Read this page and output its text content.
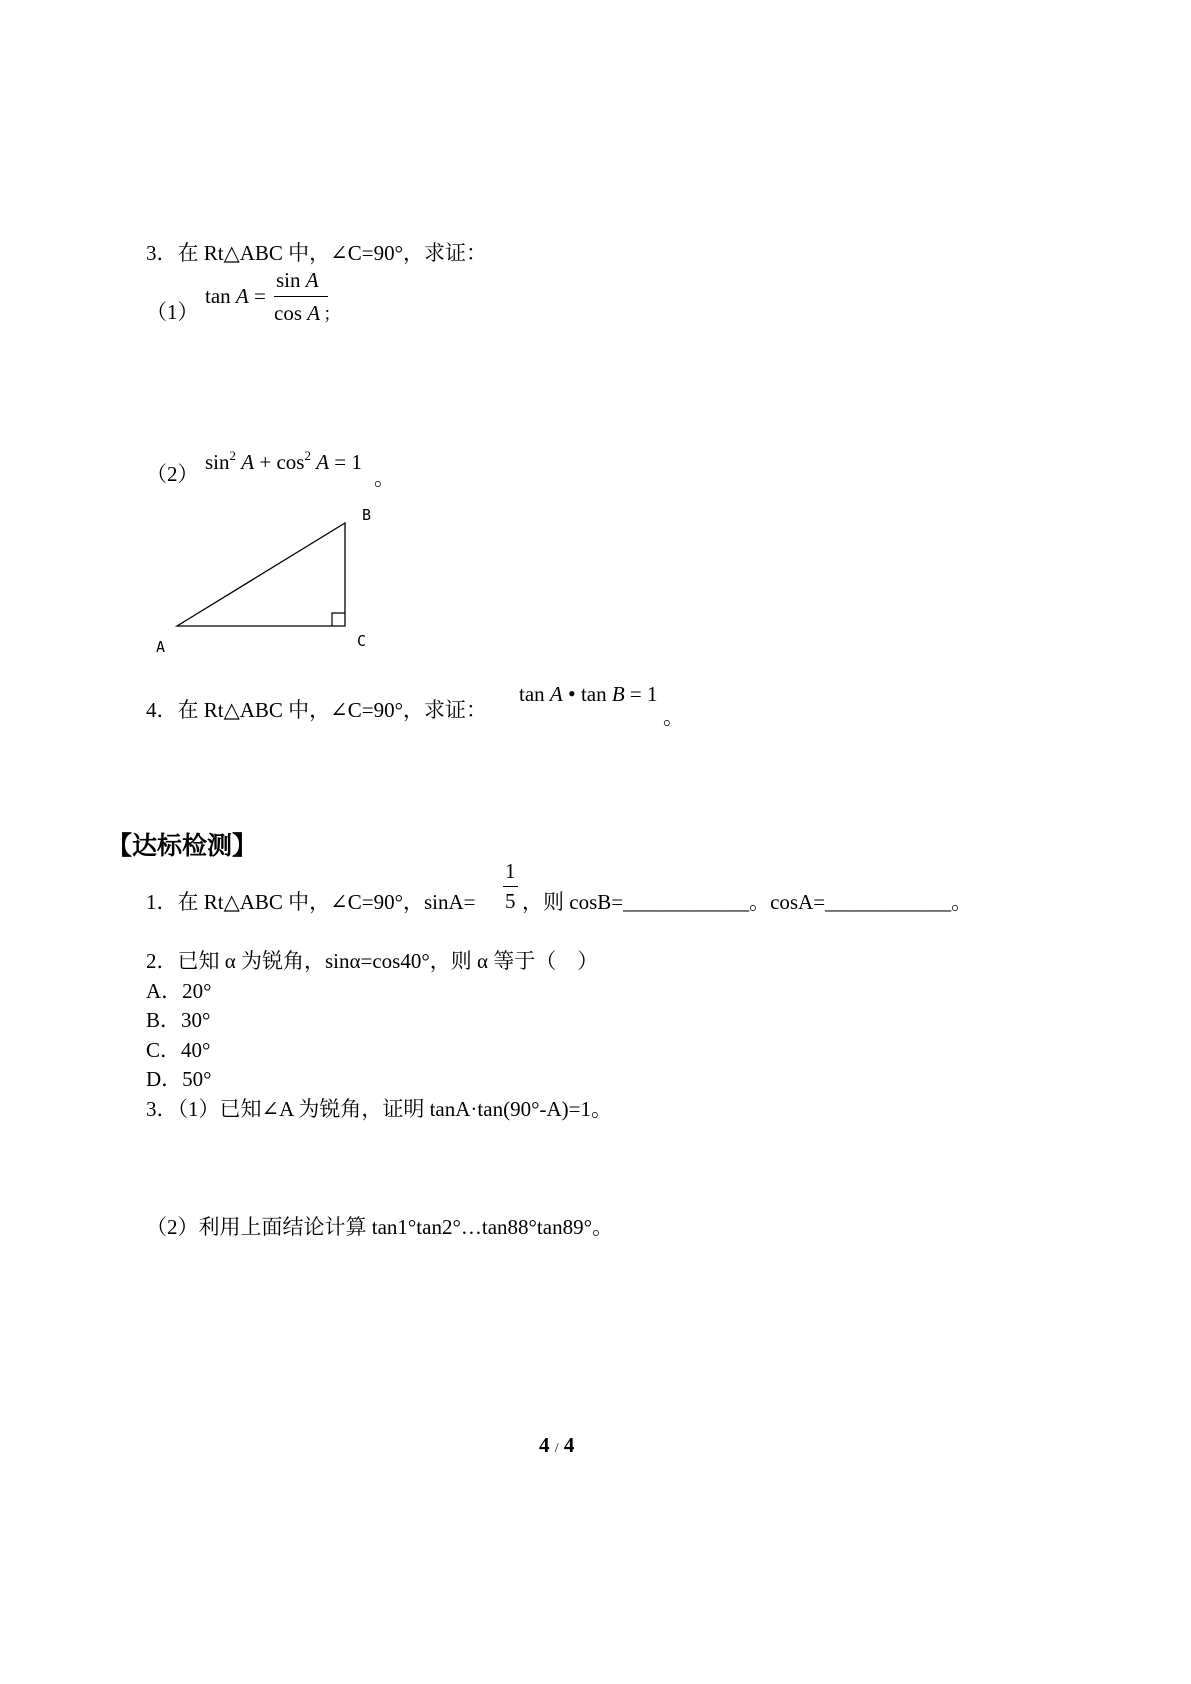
3．在 Rt△ABC 中，∠C=90°，求证：
（1）
tan A =
sin A
cos A ；
（2） $\sin^2 A + \cos^2 A = 1$
。
B
A	C
4．在 Rt△ABC 中，∠C=90°，求证：
tan A • tan B = 1
。
【达标检测】
1．在 Rt△ABC 中，∠C=90°，sinA=
1
5 ，则 cosB=____________。cosA=____________。
2．已知 α 为锐角，sinα=cos40°，则 α 等于（　）
A．20°
B．30°
C．40°
D．50°
3．（1）已知∠A 为锐角，证明 tanA·tan(90°-A)=1。
（2）利用上面结论计算 tan1°tan2°…tan88°tan89°。
4 / 4
